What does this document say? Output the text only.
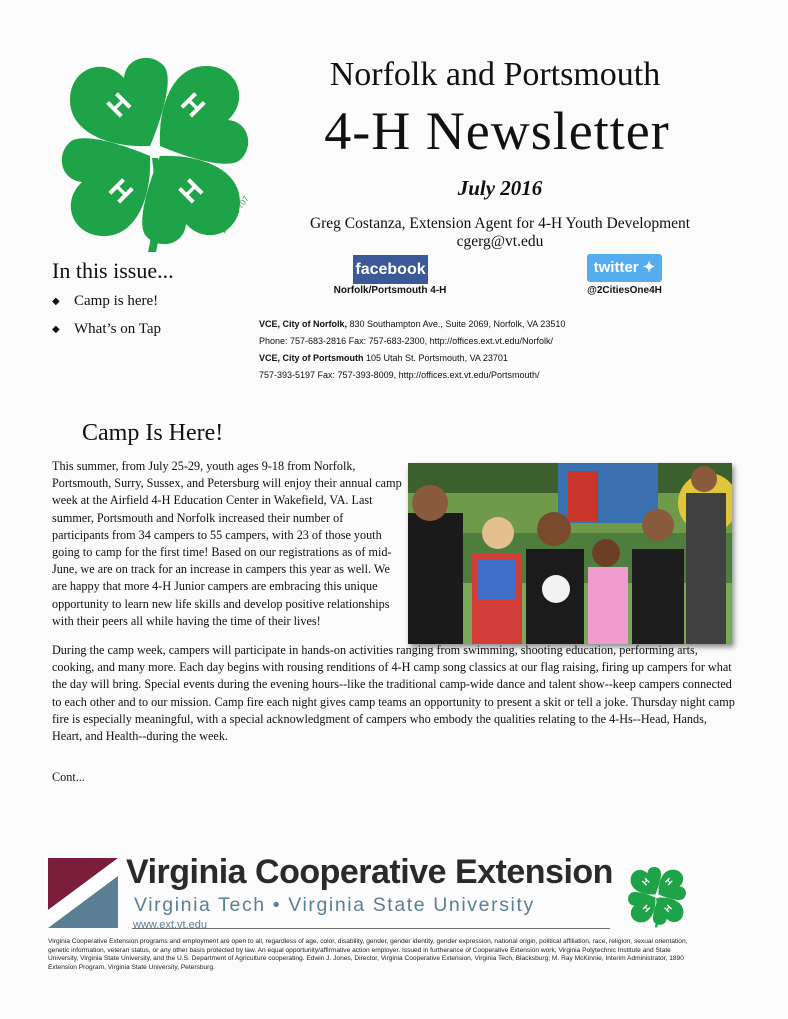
H H
H
H
18 USC 707
Norfolk and Portsmouth
4-H Newsletter
July 2016
Greg Costanza, Extension Agent for 4-H Youth Development
cgerg@vt.edu
In this issue...
◆ Camp is here!
◆ What’s on Tap
facebook
Norfolk/Portsmouth 4-H
twitter ✦
@2CitiesOne4H
VCE, City of Norfolk, 830 Southampton Ave., Suite 2069, Norfolk, VA 23510
Phone: 757-683-2816 Fax: 757-683-2300, http://offices.ext.vt.edu/Norfolk/
VCE, City of Portsmouth 105 Utah St. Portsmouth, VA 23701
757-393-5197 Fax: 757-393-8009, http://offices.ext.vt.edu/Portsmouth/
Camp Is Here!
This summer, from July 25-29, youth ages 9-18 from Norfolk, Portsmouth, Surry, Sussex, and Petersburg will enjoy their annual camp week at the Airfield 4-H Education Center in Wakefield, VA. Last summer, Portsmouth and Norfolk increased their number of participants from 34 campers to 55 campers, with 23 of those youth going to camp for the first time! Based on our registrations as of mid-June, we are on track for an increase in campers this year as well. We are happy that more 4-H Junior campers are embracing this unique opportunity to learn new life skills and develop positive relationships with their peers all while having the time of their lives!
During the camp week, campers will participate in hands-on activities ranging from swimming, shooting education, performing arts, cooking, and many more. Each day begins with rousing renditions of 4-H camp song classics at our flag raising, firing up campers for what the day will bring. Special events during the evening hours--like the traditional camp-wide dance and talent show--keep campers connected to each other and to our mission. Camp fire each night gives camp teams an opportunity to present a skit or tell a joke. Thursday night camp fire is especially meaningful, with a special acknowledgment of campers who embody the qualities relating to the 4-Hs--Head, Hands, Heart, and Health--during the week.
Cont...
Virginia Cooperative Extension
Virginia Tech • Virginia State University
www.ext.vt.edu
H H
H
H
Virginia Cooperative Extension programs and employment are open to all, regardless of age, color, disability, gender, gender identity, gender expression, national origin, political affiliation, race, religion, sexual orientation, genetic information, veteran status, or any other basis protected by law. An equal opportunity/affirmative action employer. Issued in furtherance of Cooperative Extension work, Virginia Polytechnic Institute and State University, Virginia State University, and the U.S. Department of Agriculture cooperating. Edwin J. Jones, Director, Virginia Cooperative Extension, Virginia Tech, Blacksburg; M. Ray McKinnie, Interim Administrator, 1890 Extension Program, Virginia State University, Petersburg.
